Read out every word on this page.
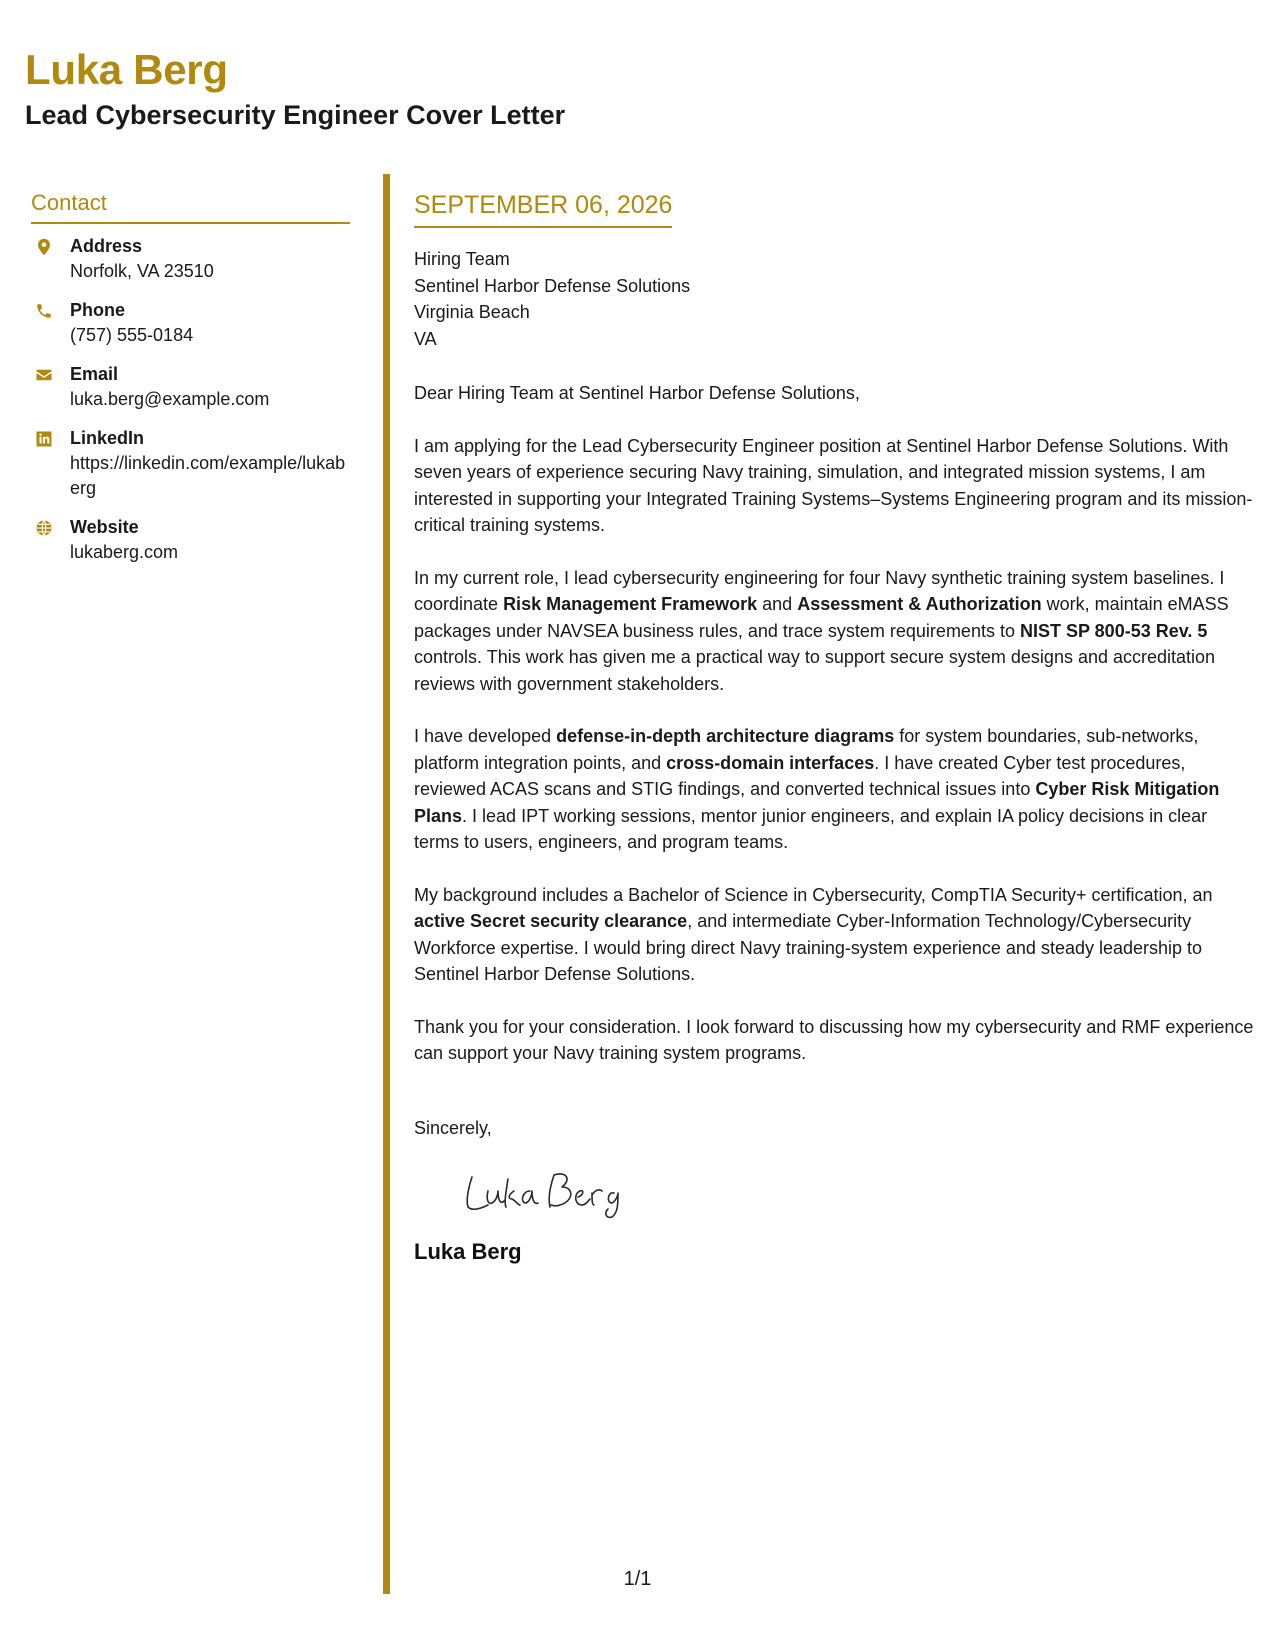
Luka Berg
Lead Cybersecurity Engineer Cover Letter
Contact
Address
Norfolk, VA 23510
Phone
(757) 555-0184
Email
luka.berg@example.com
LinkedIn
https://linkedin.com/example/lukaberg
Website
lukaberg.com
SEPTEMBER 06, 2026
Hiring Team
Sentinel Harbor Defense Solutions
Virginia Beach
VA
Dear Hiring Team at Sentinel Harbor Defense Solutions,

I am applying for the Lead Cybersecurity Engineer position at Sentinel Harbor Defense Solutions. With seven years of experience securing Navy training, simulation, and integrated mission systems, I am interested in supporting your Integrated Training Systems–Systems Engineering program and its mission-critical training systems.

In my current role, I lead cybersecurity engineering for four Navy synthetic training system baselines. I coordinate Risk Management Framework and Assessment & Authorization work, maintain eMASS packages under NAVSEA business rules, and trace system requirements to NIST SP 800-53 Rev. 5 controls. This work has given me a practical way to support secure system designs and accreditation reviews with government stakeholders.

I have developed defense-in-depth architecture diagrams for system boundaries, sub-networks, platform integration points, and cross-domain interfaces. I have created Cyber test procedures, reviewed ACAS scans and STIG findings, and converted technical issues into Cyber Risk Mitigation Plans. I lead IPT working sessions, mentor junior engineers, and explain IA policy decisions in clear terms to users, engineers, and program teams.

My background includes a Bachelor of Science in Cybersecurity, CompTIA Security+ certification, an active Secret security clearance, and intermediate Cyber-Information Technology/Cybersecurity Workforce expertise. I would bring direct Navy training-system experience and steady leadership to Sentinel Harbor Defense Solutions.

Thank you for your consideration. I look forward to discussing how my cybersecurity and RMF experience can support your Navy training system programs.

Sincerely,
Luka Berg
1/1
